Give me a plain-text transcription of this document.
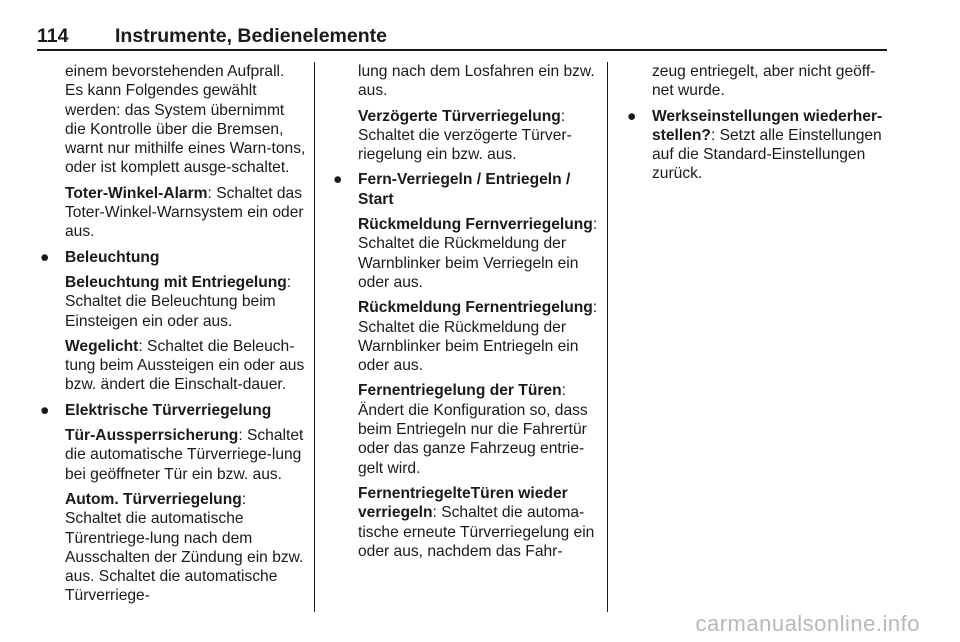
114 Instrumente, Bedienelemente

einem bevorstehenden Aufprall. Es kann Folgendes gewählt werden: das System übernimmt die Kontrolle über die Bremsen, warnt nur mithilfe eines Warn-tons, oder ist komplett ausge-schaltet.

Toter-Winkel-Alarm: Schaltet das Toter-Winkel-Warnsystem ein oder aus.

● Beleuchtung

Beleuchtung mit Entriegelung: Schaltet die Beleuchtung beim Einsteigen ein oder aus.

Wegelicht: Schaltet die Beleuch-tung beim Aussteigen ein oder aus bzw. ändert die Einschalt-dauer.

● Elektrische Türverriegelung

Tür-Aussperrsicherung: Schaltet die automatische Türverriege-lung bei geöffneter Tür ein bzw. aus.

Autom. Türverriegelung: Schaltet die automatische Türentriege-lung nach dem Ausschalten der Zündung ein bzw. aus. Schaltet die automatische Türverriege-

lung nach dem Losfahren ein bzw. aus.

Verzögerte Türverriegelung: Schaltet die verzögerte Türver-riegelung ein bzw. aus.

● Fern-Verriegeln / Entriegeln / Start

Rückmeldung Fernverriegelung: Schaltet die Rückmeldung der Warnblinker beim Verriegeln ein oder aus.

Rückmeldung Fernentriegelung: Schaltet die Rückmeldung der Warnblinker beim Entriegeln ein oder aus.

Fernentriegelung der Türen: Ändert die Konfiguration so, dass beim Entriegeln nur die Fahrertür oder das ganze Fahrzeug entrie-gelt wird.

FernentriegelteTüren wieder verriegeln: Schaltet die automa-tische erneute Türverriegelung ein oder aus, nachdem das Fahr-

zeug entriegelt, aber nicht geöff-net wurde.

● Werkseinstellungen wiederher-stellen?: Setzt alle Einstellungen auf die Standard-Einstellungen zurück.
carmanualsonline.info
